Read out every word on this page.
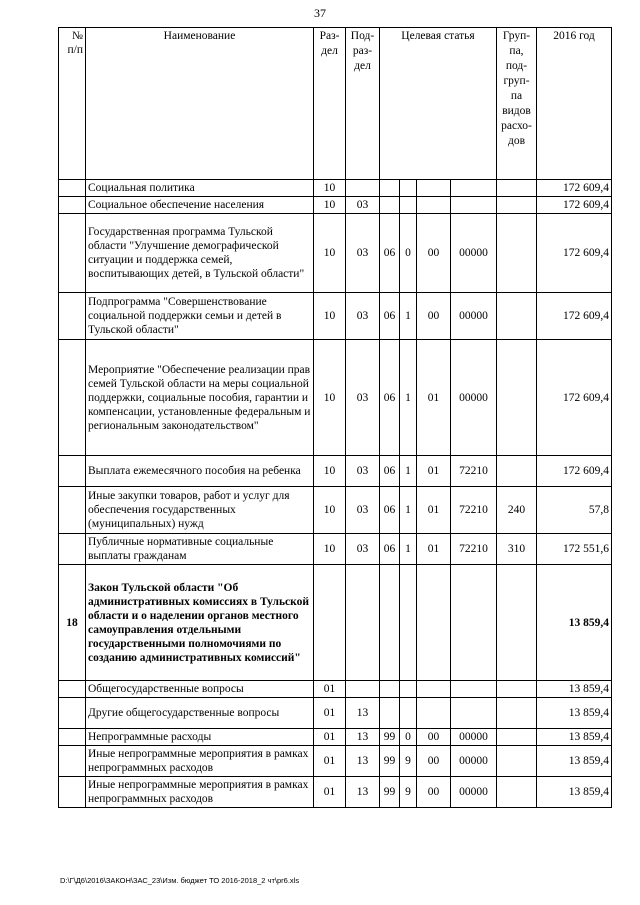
37
№ п/п	Наименование	Раз-дел	Под-раз-дел	Целевая статья				Груп-па, под-груп-па видов расхо-дов	2016 год
	Социальная политика	10							172 609,4
	Социальное обеспечение населения	10	03						172 609,4
	Государственная программа Тульской области "Улучшение демографической ситуации и поддержка семей, воспитывающих детей, в Тульской области"	10	03	06	0	00	00000		172 609,4
	Подпрограмма "Совершенствование социальной поддержки семьи и детей в Тульской области"	10	03	06	1	00	00000		172 609,4
	Мероприятие "Обеспечение реализации прав семей Тульской области на меры социальной поддержки, социальные пособия, гарантии и компенсации, установленные федеральным и региональным законодательством"	10	03	06	1	01	00000		172 609,4
	Выплата ежемесячного пособия на ребенка	10	03	06	1	01	72210		172 609,4
	Иные закупки товаров, работ и услуг для обеспечения государственных (муниципальных) нужд	10	03	06	1	01	72210	240	57,8
	Публичные нормативные социальные выплаты гражданам	10	03	06	1	01	72210	310	172 551,6
18	Закон Тульской области "Об административных комиссиях в Тульской области и о наделении органов местного самоуправления отдельными государственными полномочиями по созданию административных комиссий"								13 859,4
	Общегосударственные вопросы	01							13 859,4
	Другие общегосударственные вопросы	01	13						13 859,4
	Непрограммные расходы	01	13	99	0	00	00000		13 859,4
	Иные непрограммные мероприятия в рамках непрограммных расходов	01	13	99	9	00	00000		13 859,4
	Иные непрограммные мероприятия в рамках непрограммных расходов	01	13	99	9	00	00000		13 859,4
D:\Г\Д6\2016\ЗАКОН\ЗАС_23\Изм. бюджет ТО 2016-2018_2 чт\pr6.xls
